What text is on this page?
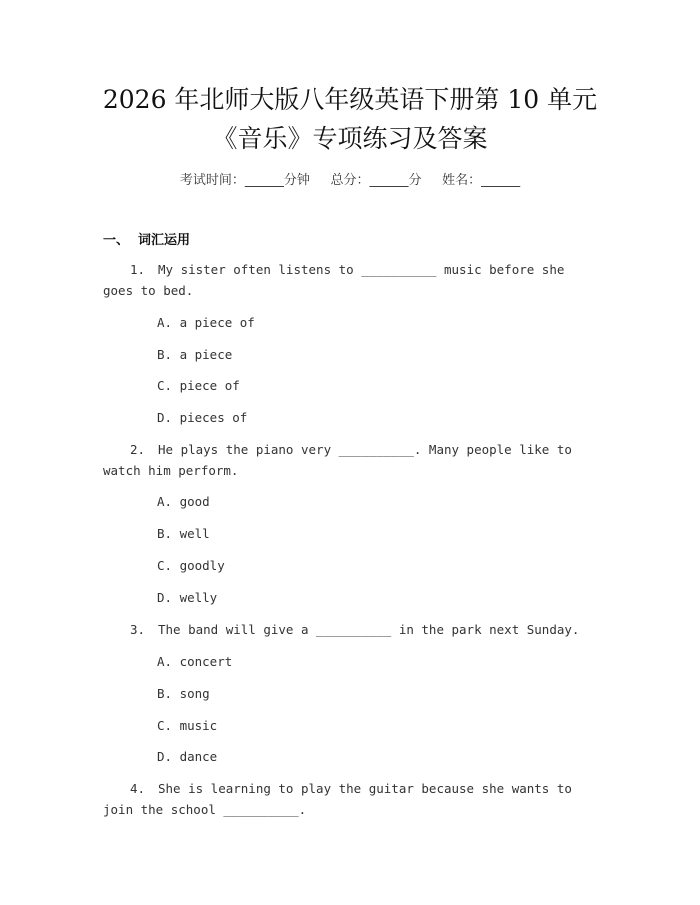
2026 年北师大版八年级英语下册第 10 单元
《音乐》专项练习及答案
考试时间：______分钟     总分：______分     姓名：______
一、  词汇运用
1. My sister often listens to __________ music before she goes to bed.
A. a piece of
B. a piece
C. piece of
D. pieces of
2. He plays the piano very __________. Many people like to watch him perform.
A. good
B. well
C. goodly
D. welly
3. The band will give a __________ in the park next Sunday.
A. concert
B. song
C. music
D. dance
4. She is learning to play the guitar because she wants to join the school __________.
